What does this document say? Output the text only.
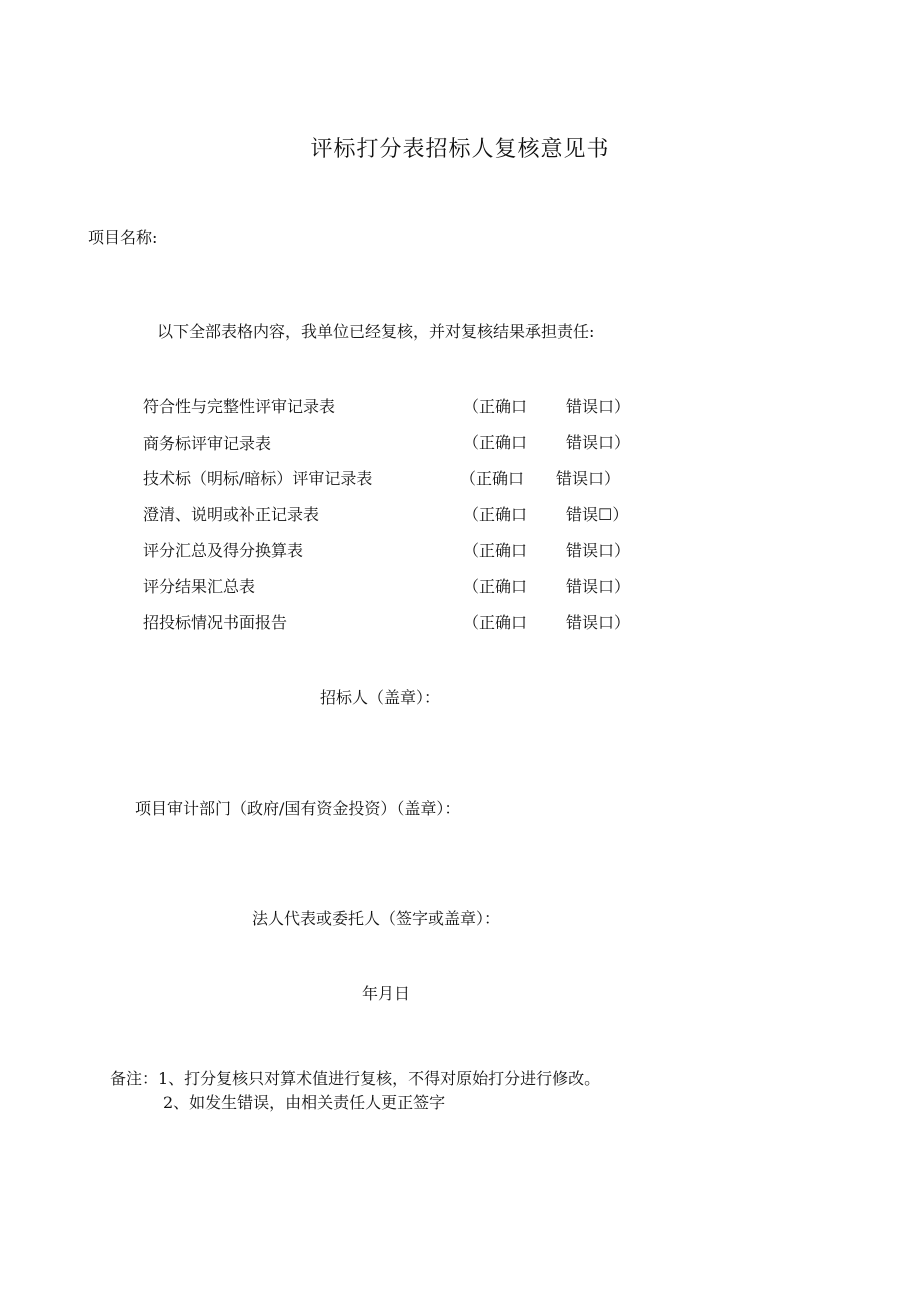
评标打分表招标人复核意见书
项目名称:
以下全部表格内容，我单位已经复核，并对复核结果承担责任:
符合性与完整性评审记录表	（正确口 错误口）
商务标评审记录表	（正确口 错误口）
技术标（明标/暗标）评审记录表	（正确口 错误口）
澄清、说明或补正记录表	（正确口 错误☐）
评分汇总及得分换算表	（正确口 错误口）
评分结果汇总表	（正确口 错误口）
招投标情况书面报告	（正确口 错误口）
招标人（盖章）：
项目审计部门（政府/国有资金投资）（盖章）：
法人代表或委托人（签字或盖章）：
年月日
备注：1、打分复核只对算术值进行复核，不得对原始打分进行修改。
2、如发生错误，由相关责任人更正签字
